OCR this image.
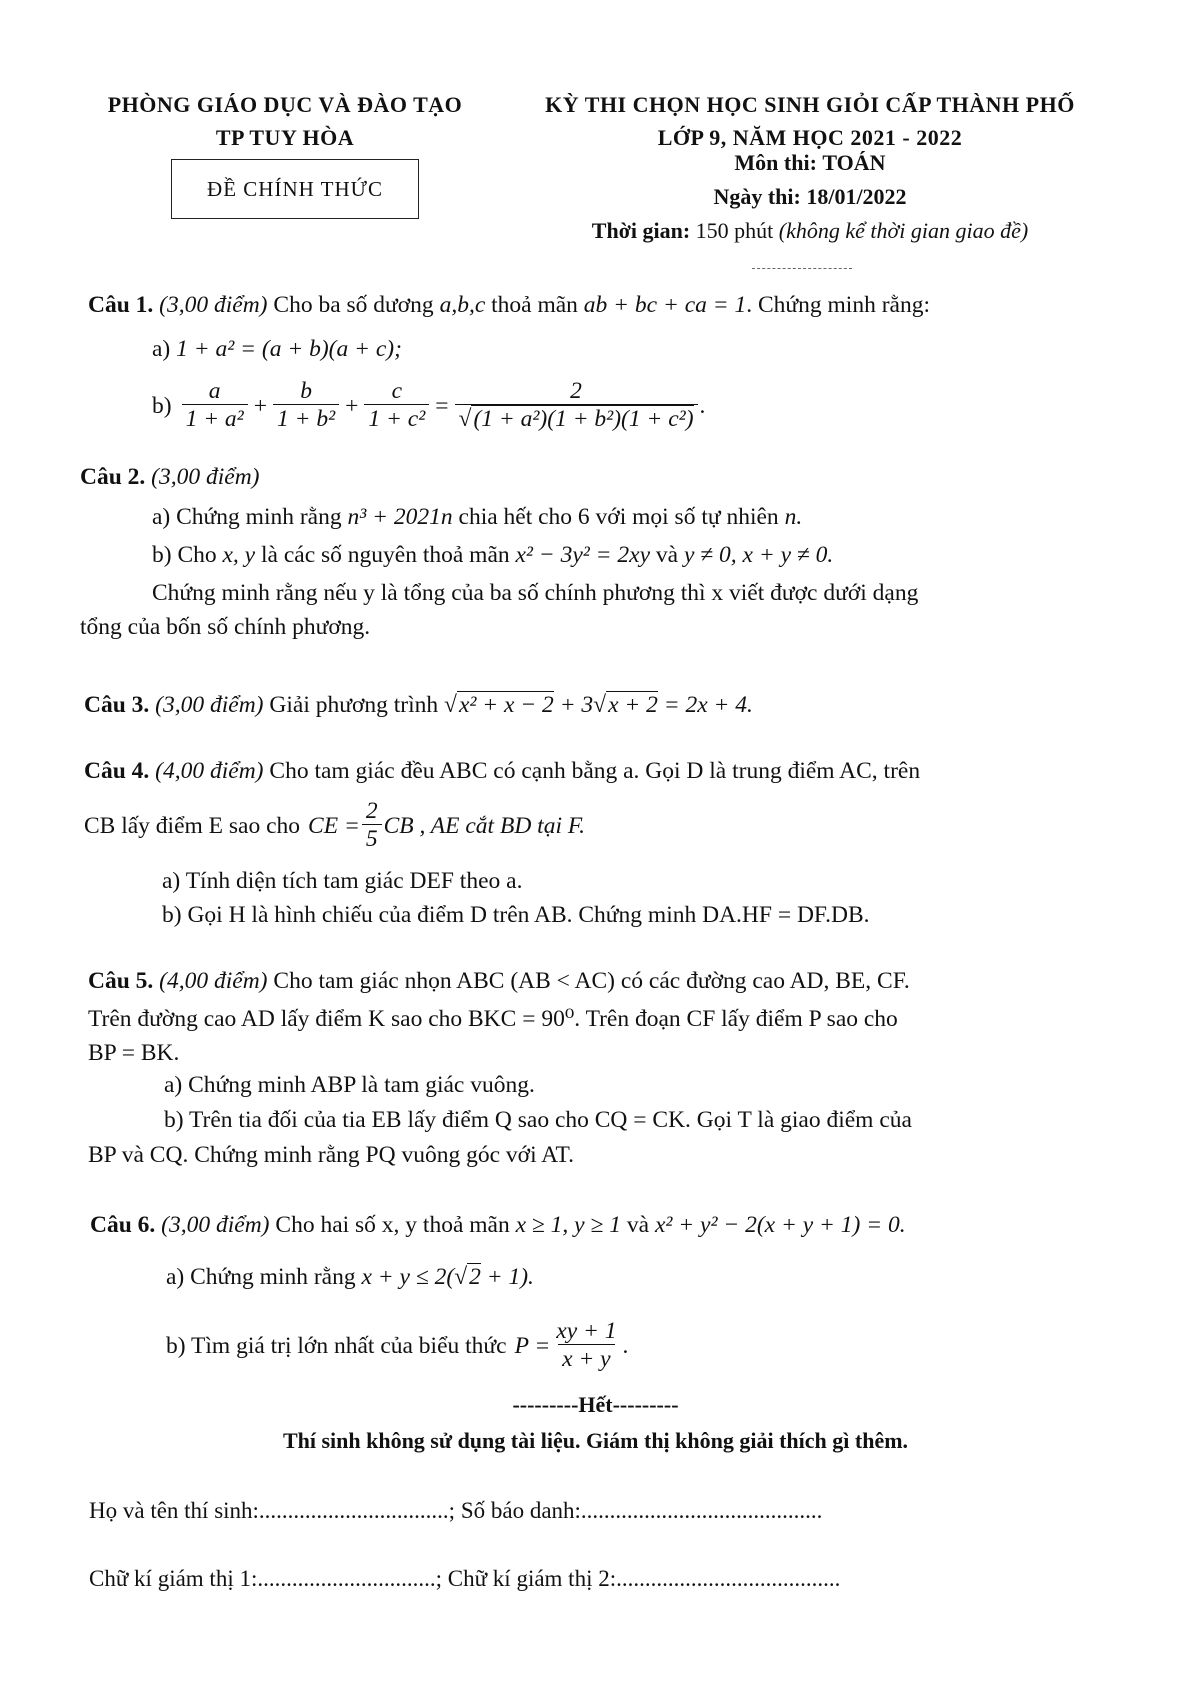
PHÒNG GIÁO DỤC VÀ ĐÀO TẠO
TP TUY HÒA
KỲ THI CHỌN HỌC SINH GIỎI CẤP THÀNH PHỐ
LỚP 9, NĂM HỌC 2021 - 2022
ĐỀ CHÍNH THỨC
Môn thi: TOÁN
Ngày thi: 18/01/2022
Thời gian: 150 phút (không kể thời gian giao đề)
Câu 1. (3,00 điểm) Cho ba số dương a,b,c thoả mãn ab + bc + ca = 1. Chứng minh rằng:
a) 1 + a² = (a + b)(a + c);
$b) \frac{a}{\text{1 + a²}} + \frac{b}{\text{1 + b²}} + \frac{c}{\text{1 + c²}} = \frac{2}{\text{√(1 + a²)(1 + b²)(1 + c²)}}$ .
Câu 2. (3,00 điểm)
a) Chứng minh rằng n³ + 2021n chia hết cho 6 với mọi số tự nhiên n.
b) Cho x, y là các số nguyên thoả mãn x² − 3y² = 2xy và y ≠ 0, x + y ≠ 0.
Chứng minh rằng nếu y là tổng của ba số chính phương thì x viết được dưới dạng
tổng của bốn số chính phương.
Câu 3. (3,00 điểm) Giải phương trình √x² + x − 2 + 3√x + 2 = 2x + 4.
Câu 4. (4,00 điểm) Cho tam giác đều ABC có cạnh bằng a. Gọi D là trung điểm AC, trên
CB lấy điểm E sao cho CE = $\frac{2}{5}$ CB , AE cắt BD tại F.
a) Tính diện tích tam giác DEF theo a.
b) Gọi H là hình chiếu của điểm D trên AB. Chứng minh DA.HF = DF.DB.
Câu 5. (4,00 điểm) Cho tam giác nhọn ABC (AB < AC) có các đường cao AD, BE, CF.
Trên đường cao AD lấy điểm K sao cho BKC = 90⁰. Trên đoạn CF lấy điểm P sao cho
BP = BK.
a) Chứng minh ABP là tam giác vuông.
b) Trên tia đối của tia EB lấy điểm Q sao cho CQ = CK. Gọi T là giao điểm của
BP và CQ. Chứng minh rằng PQ vuông góc với AT.
Câu 6. (3,00 điểm) Cho hai số x, y thoả mãn x ≥ 1, y ≥ 1 và x² + y² − 2(x + y + 1) = 0.
a) Chứng minh rằng x + y ≤ 2(√2 + 1).
b) Tìm giá trị lớn nhất của biểu thức $P = \frac{xy + 1}{x + y}$ .
---------Hết---------
Thí sinh không sử dụng tài liệu. Giám thị không giải thích gì thêm.
Họ và tên thí sinh:.................................; Số báo danh:..........................................
Chữ kí giám thị 1:...............................; Chữ kí giám thị 2:.......................................
